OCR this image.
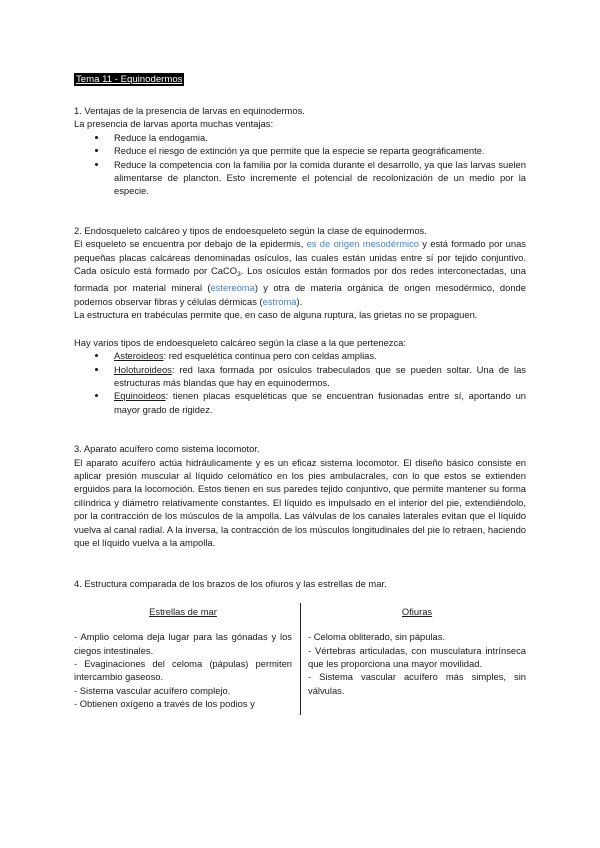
Tema 11 - Equinodermos

1. Ventajas de la presencia de larvas en equinodermos.

La presencia de larvas aporta muchas ventajas:

• Reduce la endogamia.
• Reduce el riesgo de extinción ya que permite que la especie se reparta geográficamente.
• Reduce la competencia con la familia por la comida durante el desarrollo, ya que las larvas suelen alimentarse de plancton. Esto incremente el potencial de recolonización de un medio por la especie.

2. Endosqueleto calcáreo y tipos de endoesqueleto según la clase de equinodermos.

El esqueleto se encuentra por debajo de la epidermis, es de origen mesodérmico y está formado por unas pequeñas placas calcáreas denominadas osículos, las cuales están unidas entre sí por tejido conjuntivo. Cada osículo está formado por CaCO$_3$. Los osículos están formados por dos redes interconectadas, una formada por material mineral (estereoma) y otra de materia orgánica de origen mesodérmico, donde podemos observar fibras y células dérmicas (estroma).

La estructura en trabéculas permite que, en caso de alguna ruptura, las grietas no se propaguen.

Hay varios tipos de endoesqueleto calcáreo según la clase a la que pertenezca:

• Asteroideos: red esquelética continua pero con celdas amplias.
• Holoturoideos: red laxa formada por osículos trabeculados que se pueden soltar. Una de las estructuras más blandas que hay en equinodermos.
• Equinoideos: tienen placas esqueléticas que se encuentran fusionadas entre sí, aportando un mayor grado de rigidez.

3. Aparato acuífero como sistema locomotor.

El aparato acuífero actúa hidráulicamente y es un eficaz sistema locomotor. El diseño básico consiste en aplicar presión muscular al líquido celomático en los pies ambulacrales, con lo que estos se extienden erguidos para la locomoción. Estos tienen en sus paredes tejido conjuntivo, que permite mantener su forma cilíndrica y diámetro relativamente constantes. El líquido es impulsado en el interior del pie, extendiéndolo, por la contracción de los músculos de la ampolla. Las válvulas de los canales laterales evitan que el líquido vuelva al canal radial. A la inversa, la contracción de los músculos longitudinales del pie lo retraen, haciendo que el líquido vuelva a la ampolla.

4. Estructura comparada de los brazos de los ofiuros y las estrellas de mar.

Estrellas de mar

- Amplio celoma deja lugar para las gónadas y los ciegos intestinales.

- Evaginaciones del celoma (pápulas) permiten intercambio gaseoso.

- Sistema vascular acuífero complejo.

- Obtienen oxígeno a través de los podios y

Ofiuras

- Celoma obliterado, sin pápulas.

- Vértebras articuladas, con musculatura intrínseca que les proporciona una mayor movilidad.

- Sistema vascular acuífero más simples, sin válvulas.
